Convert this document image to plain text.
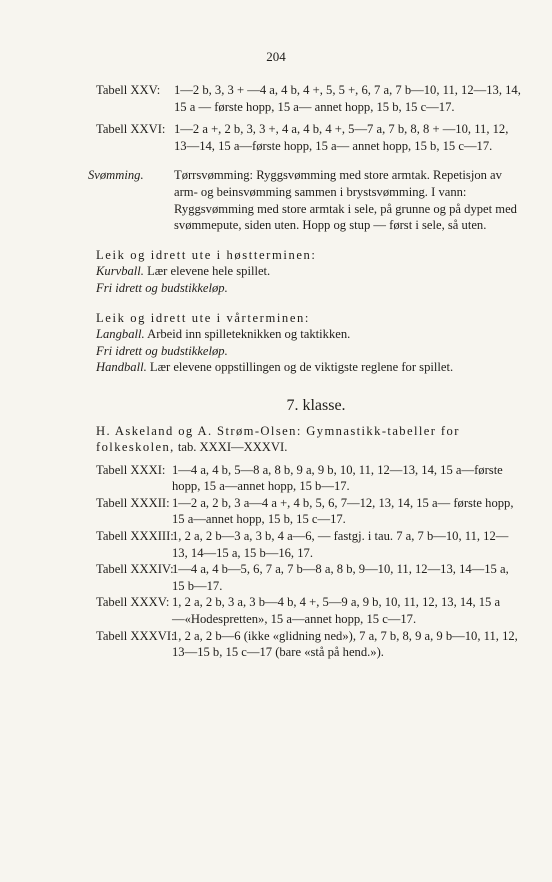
204
Tabell XXV:	1—2 b, 3, 3 + —4 a, 4 b, 4 +, 5, 5 +, 6, 7 a, 7 b—10, 11, 12—13, 14, 15 a — første hopp, 15 a— annet hopp, 15 b, 15 c—17.
Tabell XXVI: 1—2 a +, 2 b, 3, 3 +, 4 a, 4 b, 4 +, 5—7 a, 7 b, 8, 8 + —10, 11, 12, 13—14, 15 a—første hopp, 15 a— annet hopp, 15 b, 15 c—17.
Svømming.	Tørrsvømming: Ryggsvømming med store armtak. Repetisjon av arm- og beinsvømming sammen i brystsvømming. I vann: Ryggsvømming med store armtak i sele, på grunne og på dypet med svømmepute, siden uten. Hopp og stup — først i sele, så uten.
Leik og idrett ute i høstterminen:
Kurvball. Lær elevene hele spillet.
Fri idrett og budstikkeløp.
Leik og idrett ute i vårterminen:
Langball. Arbeid inn spilleteknikken og taktikken.
Fri idrett og budstikkeløp.
Handball. Lær elevene oppstillingen og de viktigste reglene for spillet.
7. klasse.
H. Askeland og A. Strøm-Olsen: Gymnastikk-tabeller for folkeskolen, tab. XXXI—XXXVI.
Tabell XXXI: 1—4 a, 4 b, 5—8 a, 8 b, 9 a, 9 b, 10, 11, 12—13, 14, 15 a—første hopp, 15 a—annet hopp, 15 b—17.
Tabell XXXII: 1—2 a, 2 b, 3 a—4 a +, 4 b, 5, 6, 7—12, 13, 14, 15 a— første hopp, 15 a—annet hopp, 15 b, 15 c—17.
Tabell XXXIII:
1, 2 a, 2 b—3 a, 3 b, 4 a—6, — fastgj. i tau. 7 a, 7 b—10, 11, 12—13, 14—15 a, 15 b—16, 17.
Tabell XXXIV:
1—4 a, 4 b—5, 6, 7 a, 7 b—8 a, 8 b, 9—10, 11, 12—13, 14—15 a, 15 b—17.
Tabell XXXV: 1, 2 a, 2 b, 3 a, 3 b—4 b, 4 +, 5—9 a, 9 b, 10, 11, 12, 13, 14, 15 a—«Hodespretten», 15 a—annet hopp, 15 c—17.
Tabell XXXVI:
1, 2 a, 2 b—6 (ikke «glidning ned»), 7 a, 7 b, 8, 9 a, 9 b—10, 11, 12, 13—15 b, 15 c—17 (bare «stå på hend.»).
